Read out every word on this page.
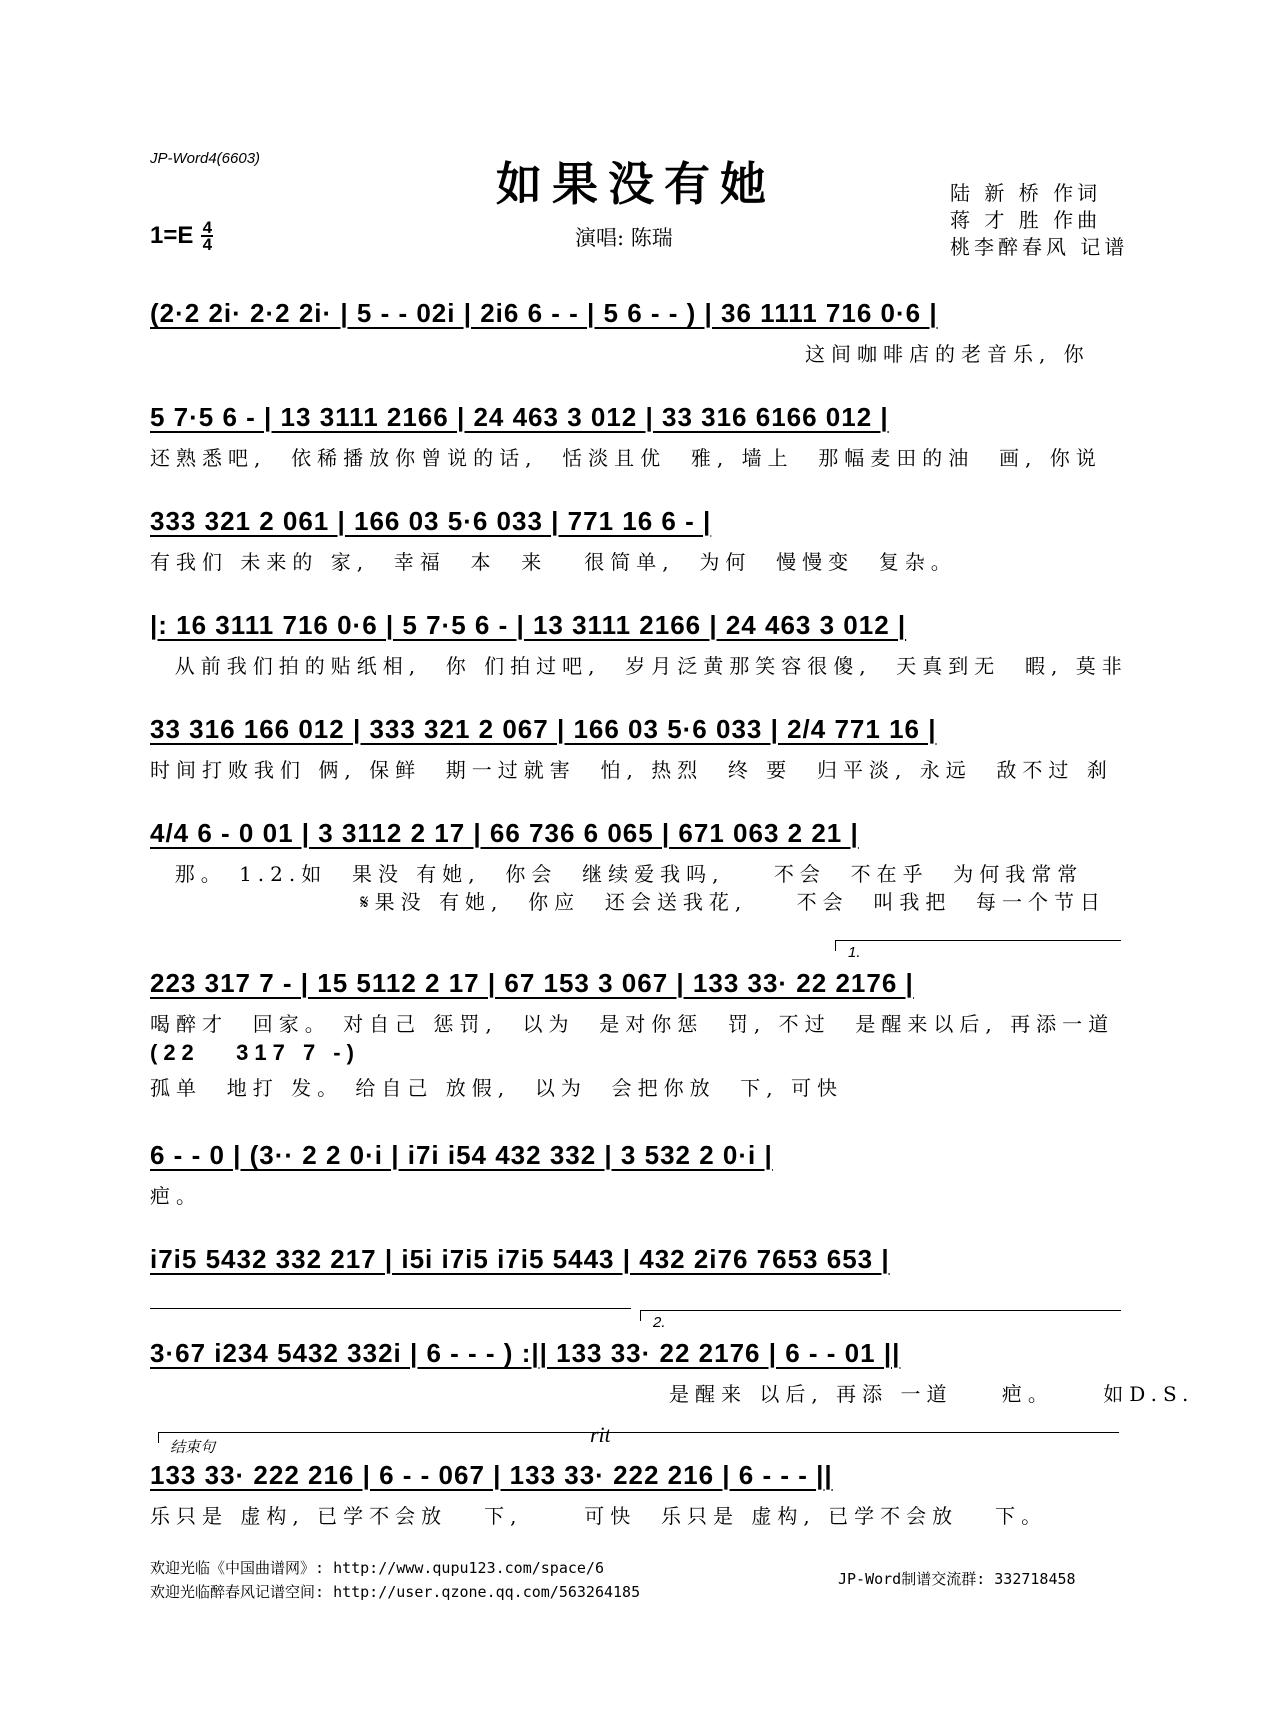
JP-Word4(6603)	如果没有她
$1=E \frac{4}{4}$	演唱: 陈瑞
陆 新 桥 作词
蒋 才 胜 作曲
桃李醉春风 记谱
(2·2 2i· 2·2 2i· | 5 - - 02i | 2i6 6 - - | 5 6 - - ) | 36 1111 716 0·6 |
这间咖啡店的老音乐, 你
5 7·5 6 - | 13 3111 2166 | 24 463 3 012 | 33 316 6166 012 |
还熟悉吧,  依稀播放你曾说的话,  恬淡且优  雅, 墙上  那幅麦田的油  画, 你说
333 321 2 061 | 166 03 5·6 033 | 771 16 6 - |
有我们 未来的 家,  幸福  本  来   很简单,  为何  慢慢变  复杂。
|: 16 3111 716 0·6 | 5 7·5 6 - | 13 3111 2166 | 24 463 3 012 |
从前我们拍的贴纸相,  你 们拍过吧,  岁月泛黄那笑容很傻,  天真到无  暇, 莫非
33 316 166 012 | 333 321 2 067 | 166 03 5·6 033 | 2/4 771 16 |
时间打败我们 俩, 保鲜  期一过就害  怕, 热烈  终 要  归平淡, 永远  敌不过 刹
4/4 6 - 0 01 | 3 3112 2 17 | 66 736 6 065 | 671 063 2 21 |
那。 1.2.如  果没 有她,  你会  继续爱我吗,    不会  不在乎  为何我常常
𝄋果没 有她,  你应  还会送我花,    不会  叫我把  每一个节日
1.
223 317 7 - | 15 5112 2 17 | 67 153 3 067 | 133 33· 22 2176 |
喝醉才  回家。 对自己 惩罚,  以为  是对你惩  罚, 不过  是醒来以后, 再添一道
(22   317 7 -)
孤单  地打 发。 给自己 放假,  以为  会把你放  下, 可快
6 - - 0 | (3·· 2 2 0·i | i7i i54 432 332 | 3 532 2 0·i |
疤。
i7i5 5432 332 217 | i5i i7i5 i7i5 5443 | 432 2i76 7653 653 |
2.
3·67 i234 5432 332i | 6 - - - ) :|| 133 33· 22 2176 | 6 - - 01 ||
是醒来 以后, 再添 一道    疤。    如D.S.
结束句
rit
133 33· 222 216 | 6 - - 067 | 133 33· 222 216 | 6 - - - ||
乐只是 虚构, 已学不会放   下,     可快  乐只是 虚构, 已学不会放   下。
欢迎光临《中国曲谱网》: http://www.qupu123.com/space/6
欢迎光临醉春风记谱空间: http://user.qzone.qq.com/563264185
JP-Word制谱交流群: 332718458
